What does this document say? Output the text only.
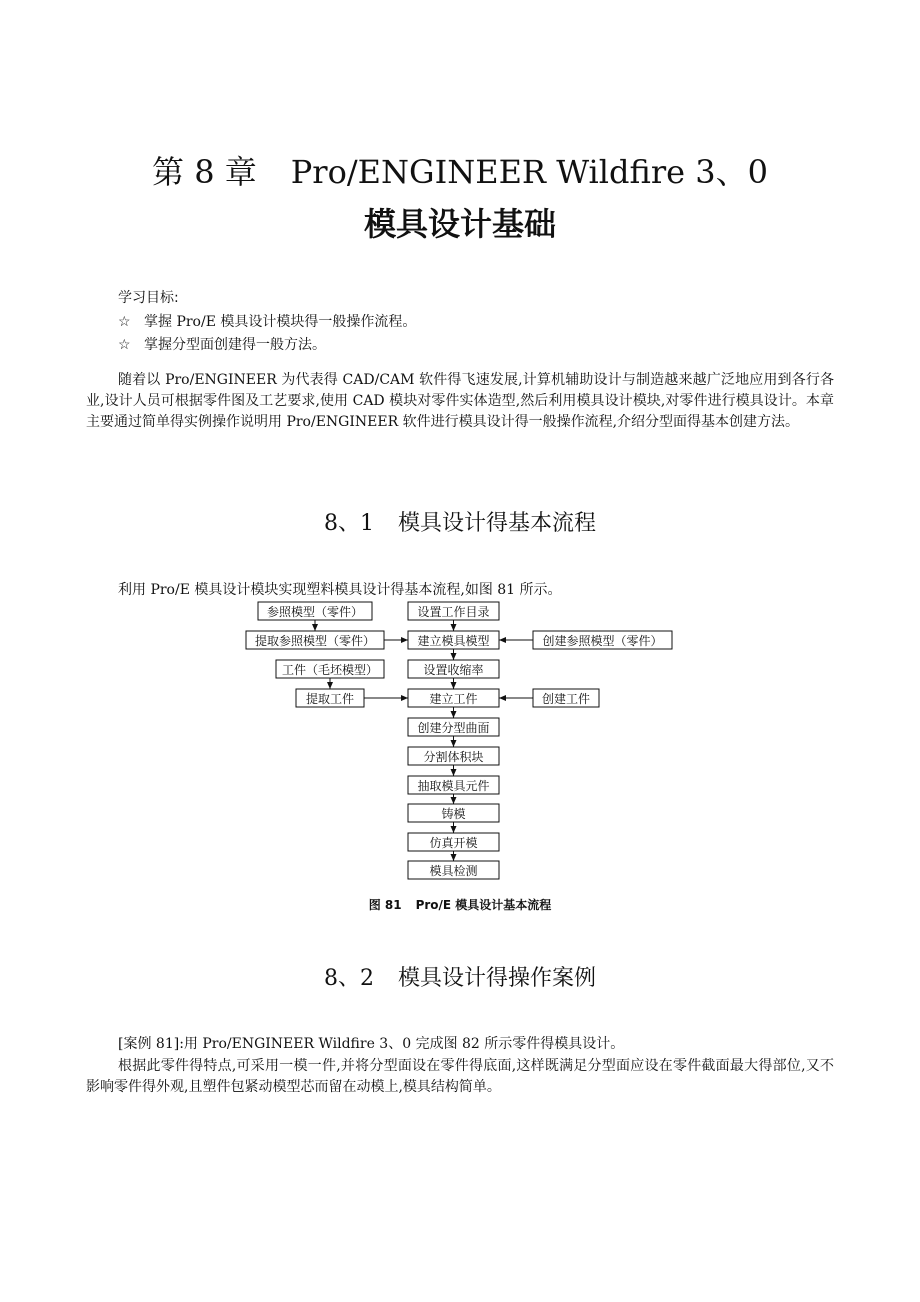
第 8 章 Pro/ENGINEER Wildfire 3、0
模具设计基础
学习目标:
☆ 掌握 Pro/E 模具设计模块得一般操作流程。
☆ 掌握分型面创建得一般方法。
随着以 Pro/ENGINEER 为代表得 CAD/CAM 软件得飞速发展,计算机辅助设计与制造越来越广泛地应用到各行各业,设计人员可根据零件图及工艺要求,使用 CAD 模块对零件实体造型,然后利用模具设计模块,对零件进行模具设计。本章主要通过简单得实例操作说明用 Pro/ENGINEER 软件进行模具设计得一般操作流程,介绍分型面得基本创建方法。
8、1 模具设计得基本流程
利用 Pro/E 模具设计模块实现塑料模具设计得基本流程,如图 81 所示。
设置工作目录
建立模具模型
设置收缩率
建立工件
创建分型曲面
分割体积块
抽取模具元件
铸模
仿真开模
模具检测
参照模型（零件）
提取参照模型（零件）
工件（毛坯模型）
提取工件
创建参照模型（零件）
创建工件
图 81 Pro/E 模具设计基本流程
8、2 模具设计得操作案例
[案例 81]:用 Pro/ENGINEER Wildfire 3、0 完成图 82 所示零件得模具设计。
根据此零件得特点,可采用一模一件,并将分型面设在零件得底面,这样既满足分型面应设在零件截面最大得部位,又不影响零件得外观,且塑件包紧动模型芯而留在动模上,模具结构简单。
